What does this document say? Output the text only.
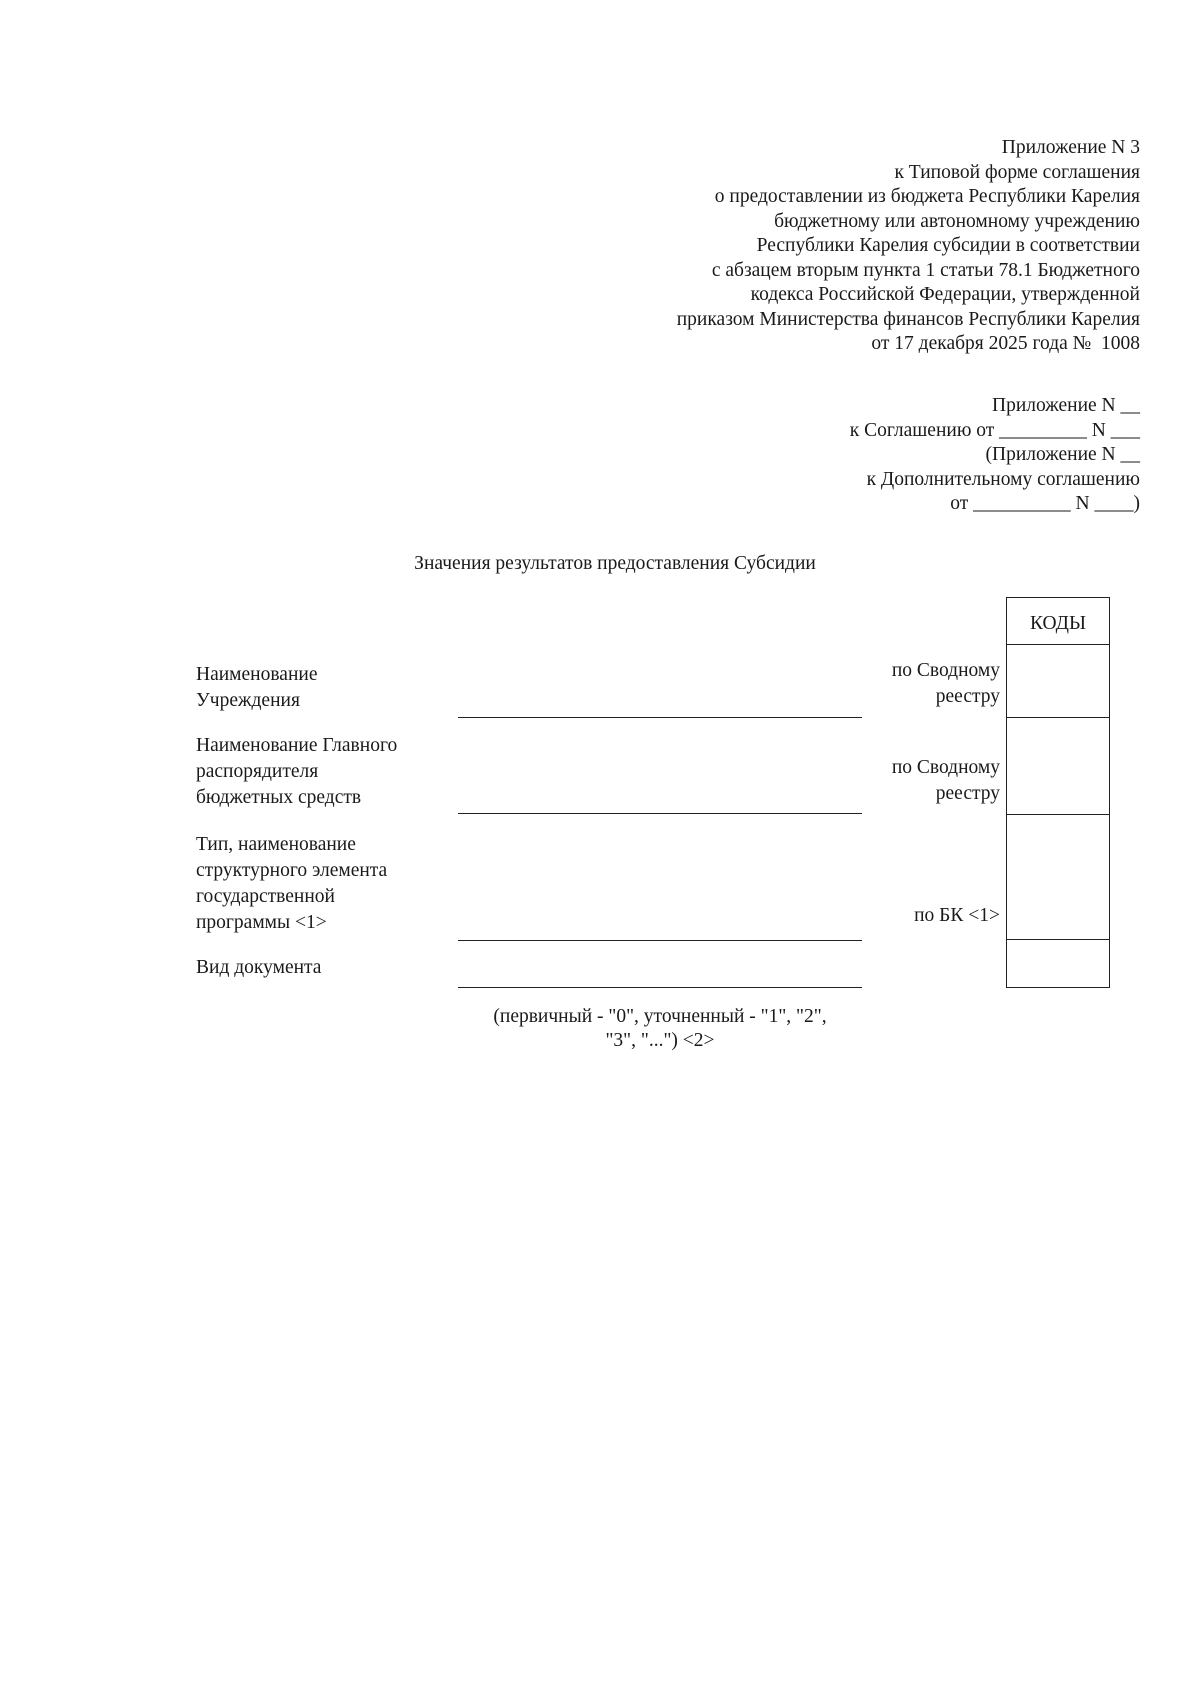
Приложение N 3
к Типовой форме соглашения
о предоставлении из бюджета Республики Карелия
бюджетному или автономному учреждению
Республики Карелия субсидии в соответствии
с абзацем вторым пункта 1 статьи 78.1 Бюджетного
кодекса Российской Федерации, утвержденной
приказом Министерства финансов Республики Карелия
от 17 декабря 2025 года №  1008
Приложение N __
к Соглашению от _________ N ___
(Приложение N __
к Дополнительному соглашению
от __________ N ____)
Значения результатов предоставления Субсидии
Наименование
Учреждения
по Сводному
реестру
Наименование Главного
распорядителя
бюджетных средств
по Сводному
реестру
Тип, наименование
структурного элемента
государственной
программы <1>	по БК <1>
Вид документа
(первичный - "0", уточненный - "1", "2",
"3", "...") <2>
КОДЫ
